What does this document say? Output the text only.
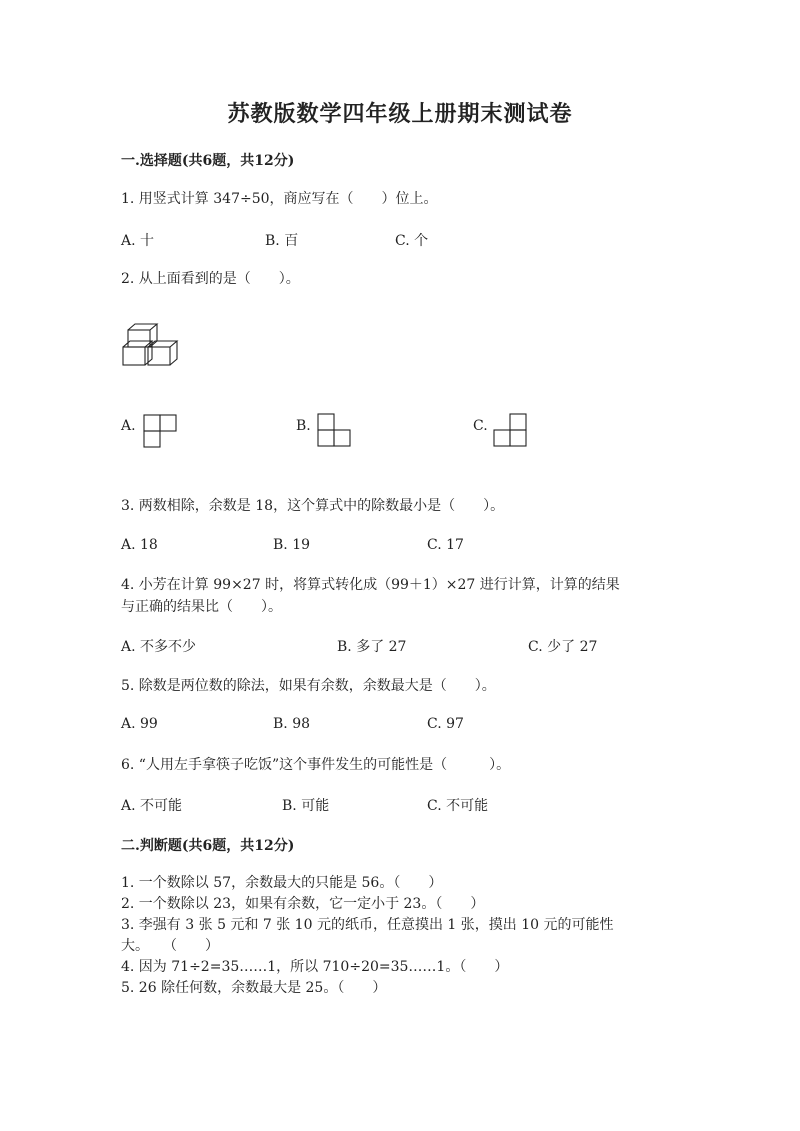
苏教版数学四年级上册期末测试卷
一.选择题(共6题，共12分)
1. 用竖式计算 347÷50，商应写在（　　）位上。
A. 十	B. 百	C. 个
2. 从上面看到的是（　　）。
A.	B.	C.
3. 两数相除，余数是 18，这个算式中的除数最小是（　　）。
A. 18	B. 19	C. 17
4. 小芳在计算 99×27 时，将算式转化成（99＋1）×27 进行计算，计算的结果
与正确的结果比（　　）。
A. 不多不少	B. 多了 27	C. 少了 27
5. 除数是两位数的除法，如果有余数，余数最大是（　　）。
A. 99	B. 98	C. 97
6. “人用左手拿筷子吃饭”这个事件发生的可能性是（　　　）。
A. 不可能	B. 可能	C. 不可能
二.判断题(共6题，共12分)
1. 一个数除以 57，余数最大的只能是 56。（　　）
2. 一个数除以 23，如果有余数，它一定小于 23。（　　）
3. 李强有 3 张 5 元和 7 张 10 元的纸币，任意摸出 1 张，摸出 10 元的可能性
大。　　（　　）
4. 因为 71÷2=35……1，所以 710÷20=35……1。（　　）
5. 26 除任何数，余数最大是 25。（　　）
